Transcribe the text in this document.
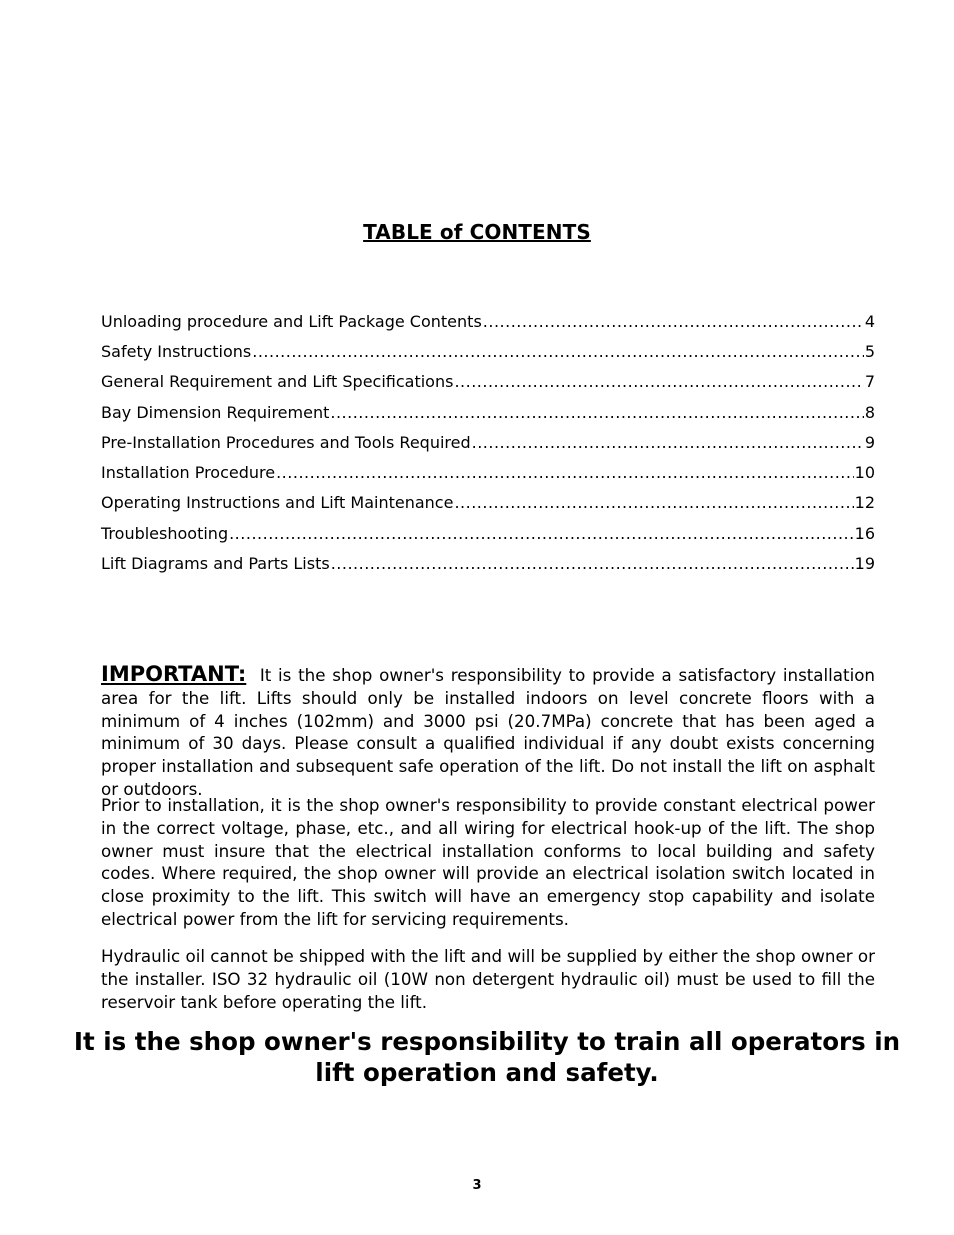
TABLE of CONTENTS
Unloading procedure and Lift Package Contents .....	4
Safety Instructions .....	5
General Requirement and Lift Specifications .....	7
Bay Dimension Requirement .....	8
Pre-Installation Procedures and Tools Required .....	9
Installation Procedure .....	10
Operating Instructions and Lift Maintenance .....	12
Troubleshooting .....	16
Lift Diagrams and Parts Lists .....	19

IMPORTANT: It is the shop owner's responsibility to provide a satisfactory installation area for the lift. Lifts should only be installed indoors on level concrete floors with a minimum of 4 inches (102mm) and 3000 psi (20.7MPa) concrete that has been aged a minimum of 30 days. Please consult a qualified individual if any doubt exists concerning proper installation and subsequent safe operation of the lift. Do not install the lift on asphalt or outdoors.

Prior to installation, it is the shop owner's responsibility to provide constant electrical power in the correct voltage, phase, etc., and all wiring for electrical hook-up of the lift. The shop owner must insure that the electrical installation conforms to local building and safety codes. Where required, the shop owner will provide an electrical isolation switch located in close proximity to the lift. This switch will have an emergency stop capability and isolate electrical power from the lift for servicing requirements.

Hydraulic oil cannot be shipped with the lift and will be supplied by either the shop owner or the installer. ISO 32 hydraulic oil (10W non detergent hydraulic oil) must be used to fill the reservoir tank before operating the lift.

It is the shop owner's responsibility to train all operators in lift operation and safety.

3
